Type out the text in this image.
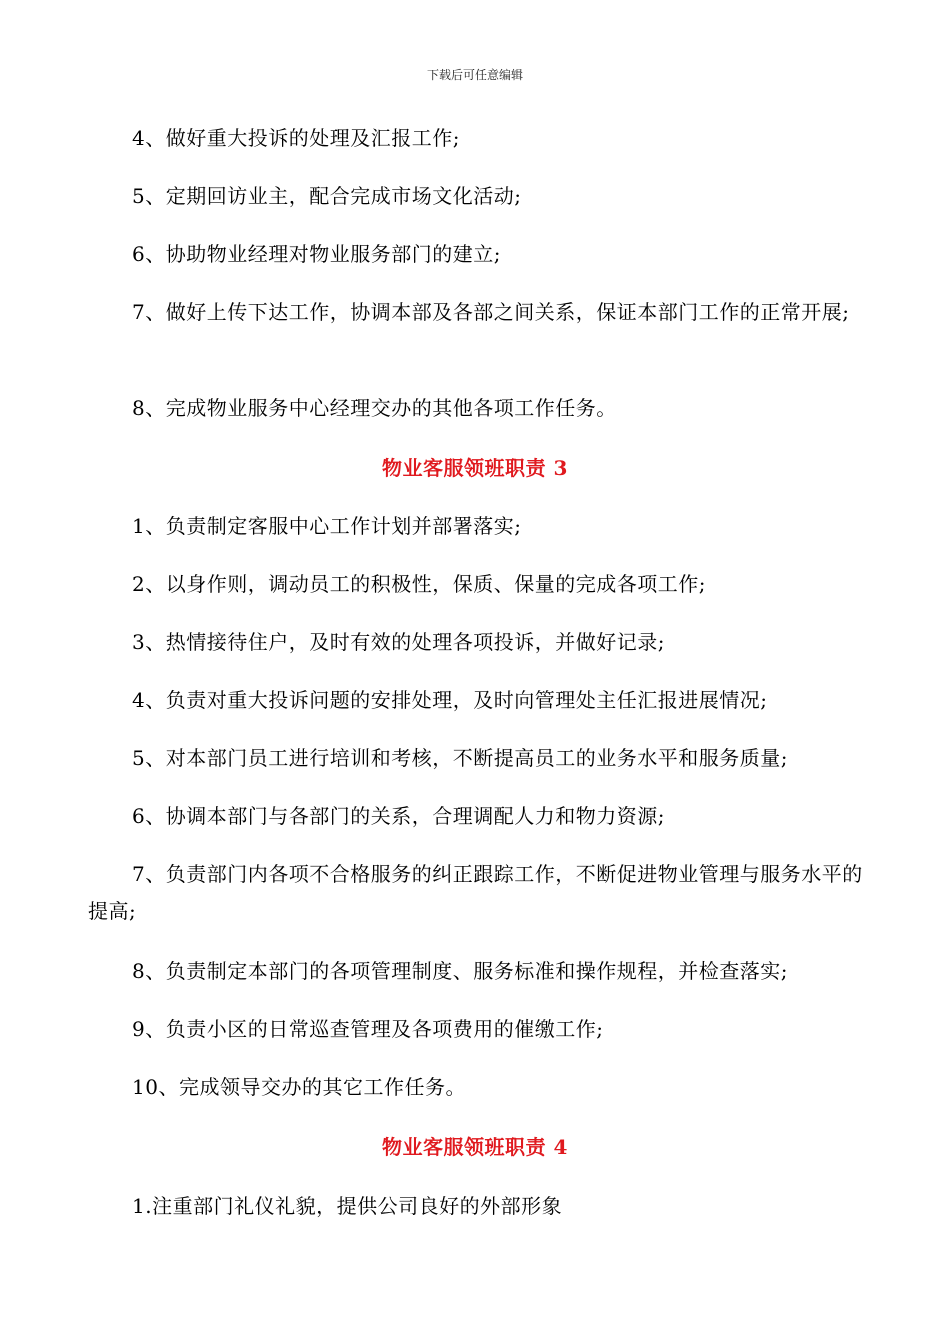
下载后可任意编辑
4、做好重大投诉的处理及汇报工作;
5、定期回访业主，配合完成市场文化活动;
6、协助物业经理对物业服务部门的建立;
7、做好上传下达工作，协调本部及各部之间关系，保证本部门工作的正常开展;
8、完成物业服务中心经理交办的其他各项工作任务。
物业客服领班职责 3
1、负责制定客服中心工作计划并部署落实;
2、以身作则，调动员工的积极性，保质、保量的完成各项工作;
3、热情接待住户，及时有效的处理各项投诉，并做好记录;
4、负责对重大投诉问题的安排处理，及时向管理处主任汇报进展情况;
5、对本部门员工进行培训和考核，不断提高员工的业务水平和服务质量;
6、协调本部门与各部门的关系，合理调配人力和物力资源;
7、负责部门内各项不合格服务的纠正跟踪工作，不断促进物业管理与服务水平的提高;
8、负责制定本部门的各项管理制度、服务标准和操作规程，并检查落实;
9、负责小区的日常巡查管理及各项费用的催缴工作;
10、完成领导交办的其它工作任务。
物业客服领班职责 4
1.注重部门礼仪礼貌，提供公司良好的外部形象
